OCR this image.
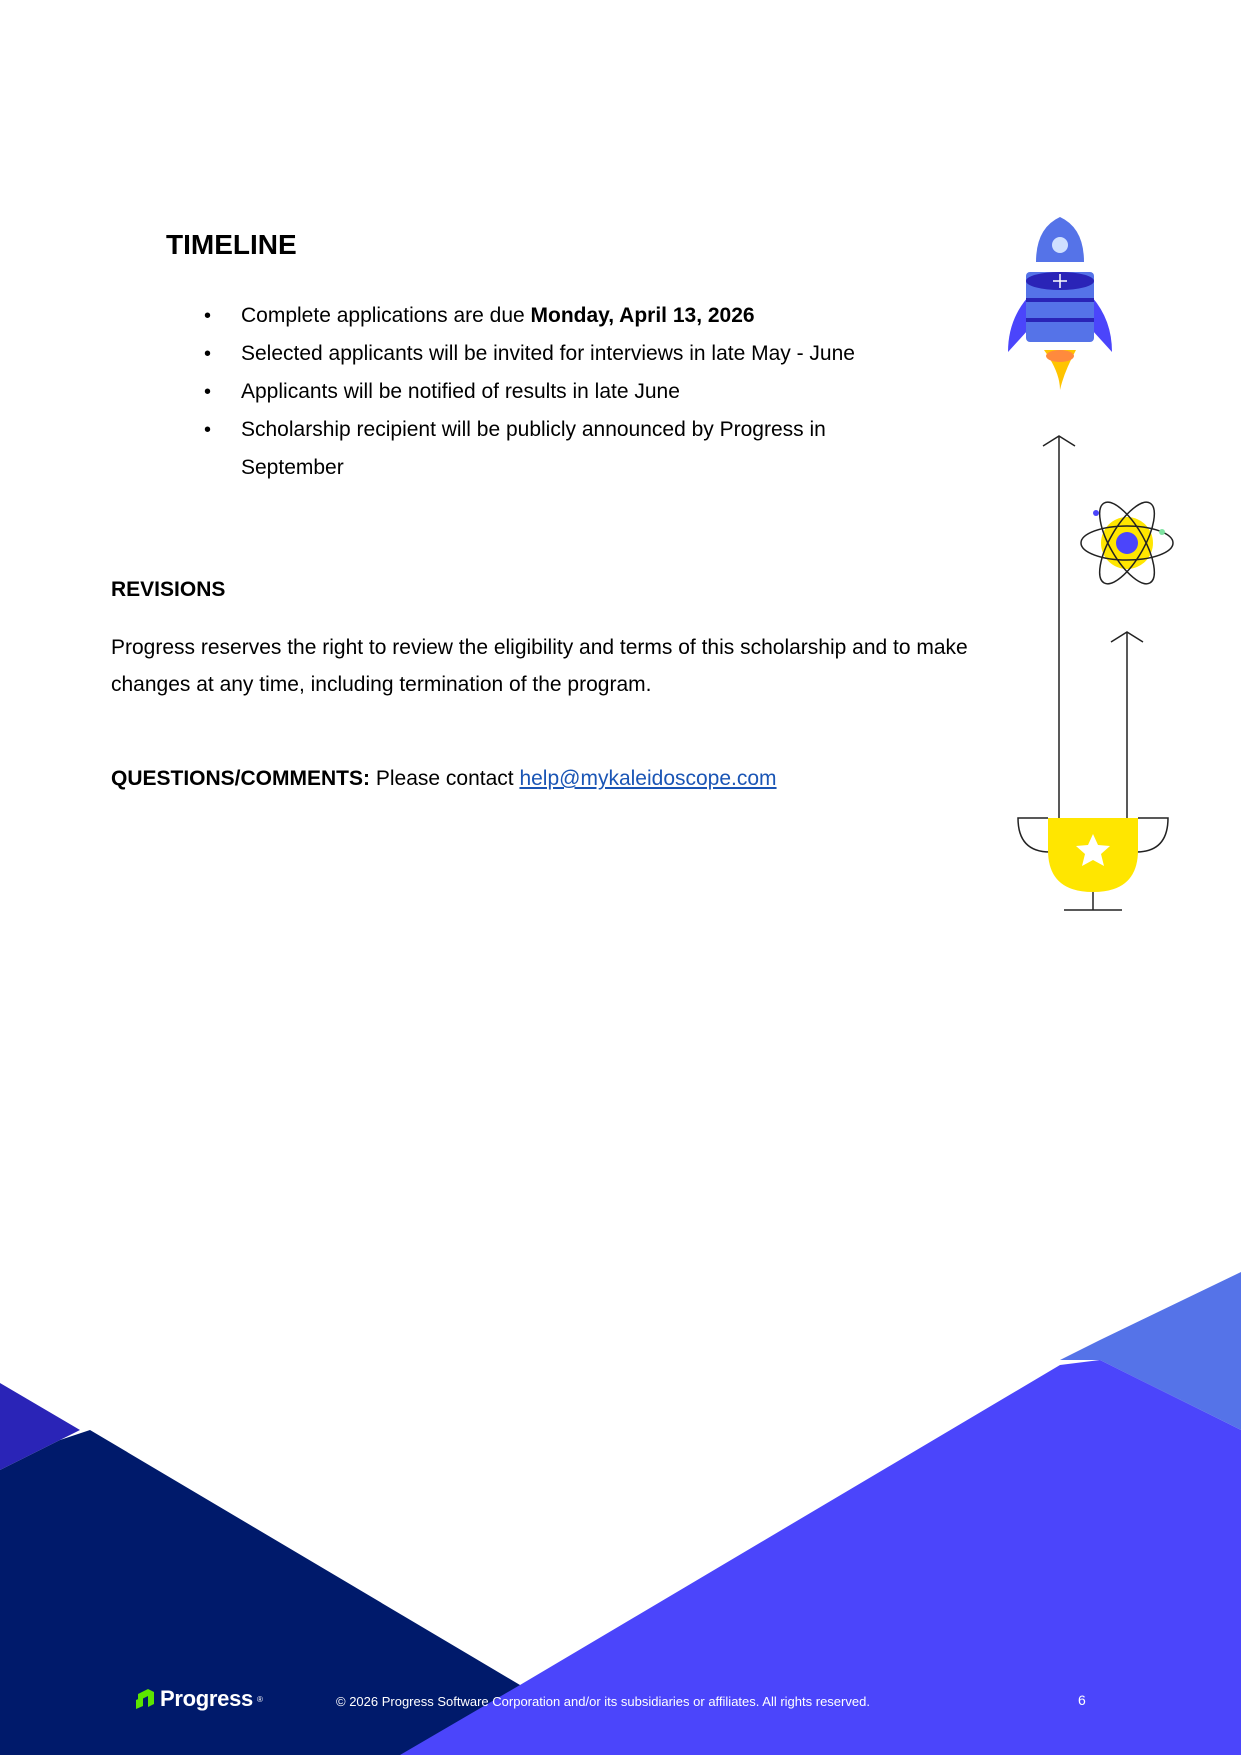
TIMELINE
• Complete applications are due Monday, April 13, 2026
• Selected applicants will be invited for interviews in late May - June
• Applicants will be notified of results in late June
• Scholarship recipient will be publicly announced by Progress in September
REVISIONS

Progress reserves the right to review the eligibility and terms of this scholarship and to make changes at any time, including termination of the program.

QUESTIONS/COMMENTS: Please contact help@mykaleidoscope.com

Progress ®	© 2026 Progress Software Corporation and/or its subsidiaries or affiliates. All rights reserved.	6
